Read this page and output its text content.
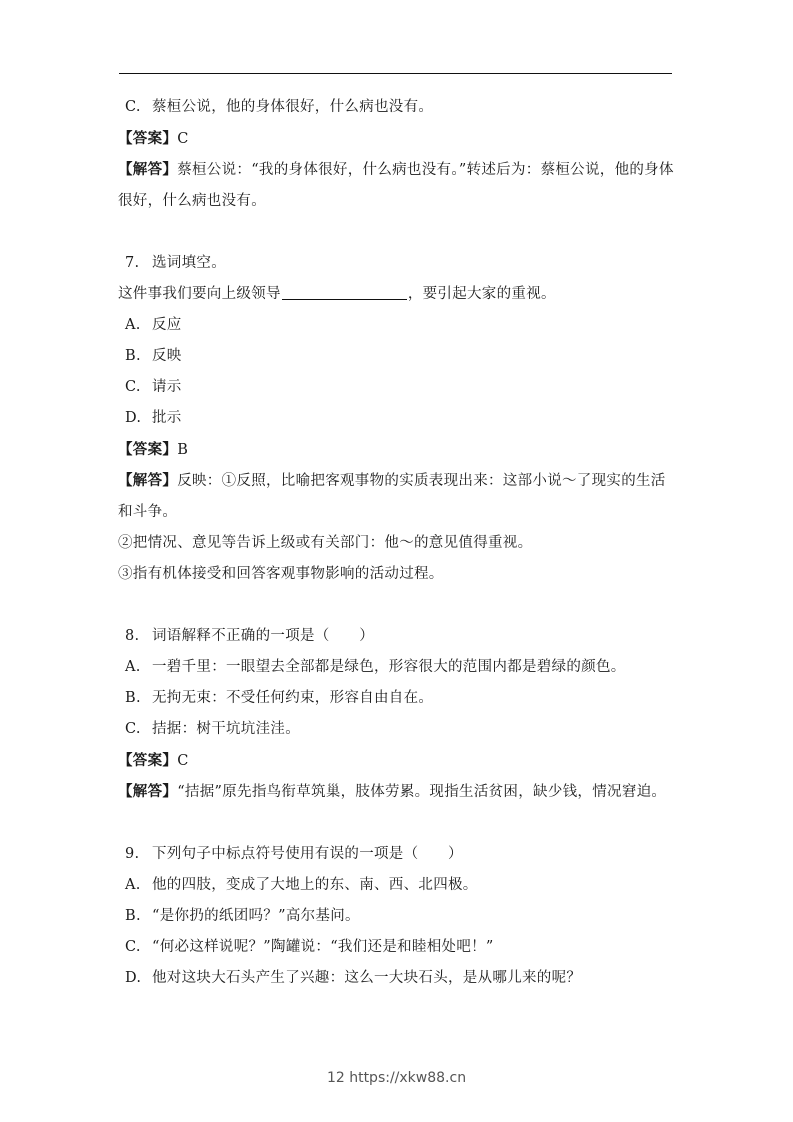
C. 蔡桓公说，他的身体很好，什么病也没有。
【答案】C
【解答】蔡桓公说：“我的身体很好，什么病也没有。”转述后为：蔡桓公说，他的身体很好，什么病也没有。
7. 选词填空。
这件事我们要向上级领导	，要引起大家的重视。
A. 反应
B. 反映
C. 请示
D. 批示
【答案】B
【解答】反映：①反照，比喻把客观事物的实质表现出来：这部小说～了现实的生活和斗争。
②把情况、意见等告诉上级或有关部门：他～的意见值得重视。
③指有机体接受和回答客观事物影响的活动过程。
8. 词语解释不正确的一项是（　　）
A. 一碧千里：一眼望去全部都是绿色，形容很大的范围内都是碧绿的颜色。
B. 无拘无束：不受任何约束，形容自由自在。
C. 拮据：树干坑坑洼洼。
【答案】C
【解答】“拮据”原先指鸟衔草筑巢，肢体劳累。现指生活贫困，缺少钱，情况窘迫。
9. 下列句子中标点符号使用有误的一项是（　　）
A. 他的四肢，变成了大地上的东、南、西、北四极。
B. “是你扔的纸团吗？”高尔基问。
C. “何必这样说呢？”陶罐说：“我们还是和睦相处吧！”
D. 他对这块大石头产生了兴趣：这么一大块石头，是从哪儿来的呢？
12 https://xkw88.cn
